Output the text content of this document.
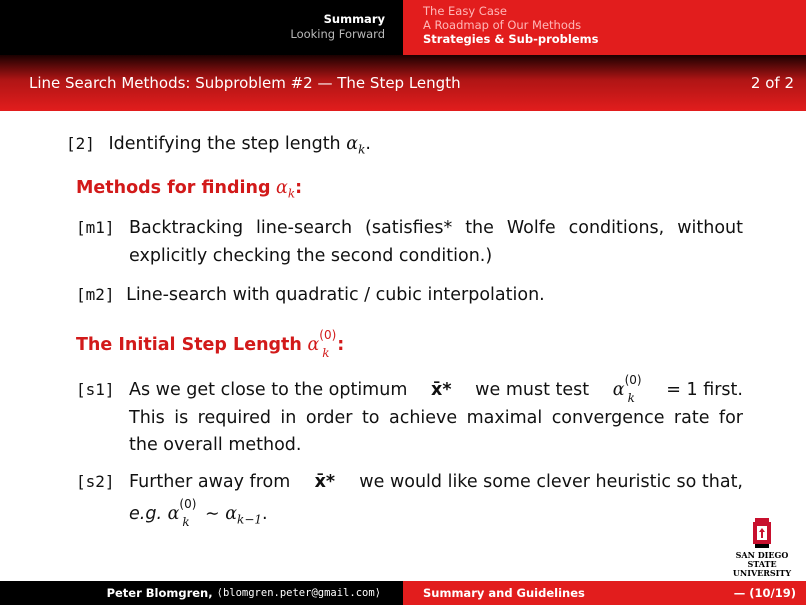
Summary
Looking Forward
The Easy Case
A Roadmap of Our Methods
Strategies & Sub-problems
Line Search Methods: Subproblem #2 — The Step Length	2 of 2
[2] Identifying the step length $\alpha_k$.
Methods for finding $\alpha_k$:
[m1] Backtracking line-search (satisfies* the Wolfe conditions, without
explicitly checking the second condition.)
[m2] Line-search with quadratic / cubic interpolation.
The Initial Step Length α (0)
k :
[s1] As we get close to the optimum x̄* we must test α (0)
k = 1 first.
This is required in order to achieve maximal convergence rate for
the overall method.
[s2] Further away from x̄* we would like some clever heuristic so that,
e.g. α (0)
k ∼ $\alpha_{k-1}$.
SAN DIEGO STATE
UNIVERSITY
Peter Blomgren, ⟨blomgren.peter@gmail.com⟩	Summary and Guidelines	— (10/19)
